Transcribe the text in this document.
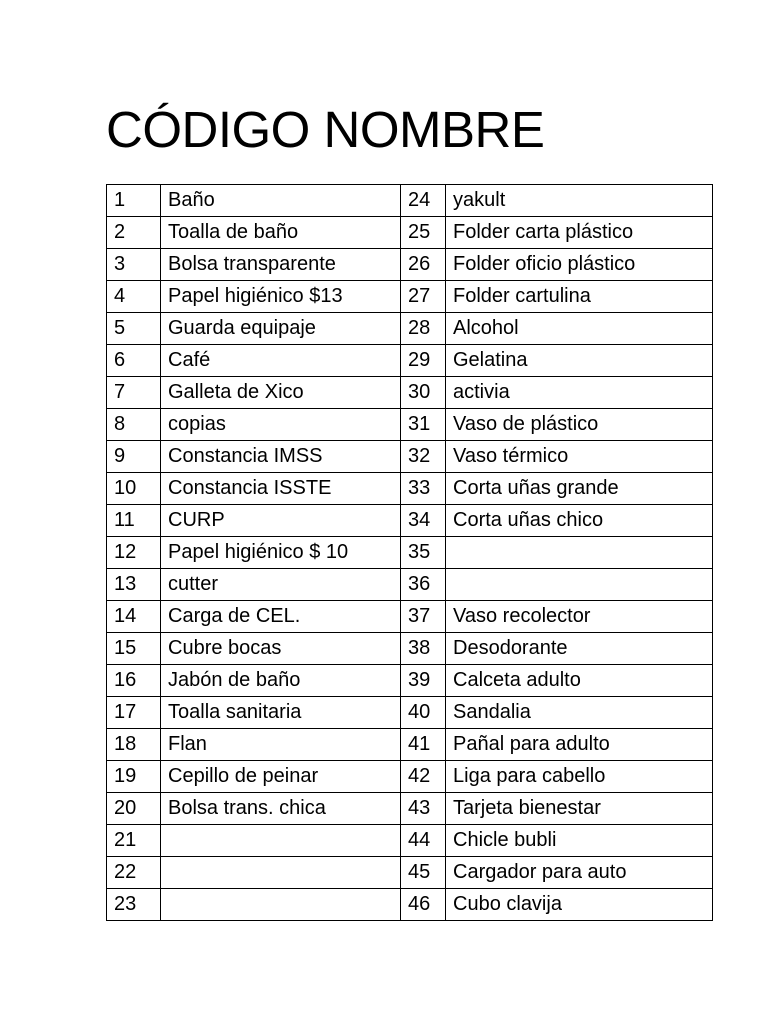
CÓDIGO NOMBRE
1	Baño	24	yakult
2	Toalla de baño	25	Folder carta plástico
3	Bolsa transparente	26	Folder oficio plástico
4	Papel higiénico $13	27	Folder cartulina
5	Guarda equipaje	28	Alcohol
6	Café	29	Gelatina
7	Galleta de Xico	30	activia
8	copias	31	Vaso de plástico
9	Constancia IMSS	32	Vaso térmico
10	Constancia ISSTE	33	Corta uñas grande
11	CURP	34	Corta uñas chico
12	Papel higiénico $ 10	35	
13	cutter	36	
14	Carga de CEL.	37	Vaso recolector
15	Cubre bocas	38	Desodorante
16	Jabón de baño	39	Calceta adulto
17	Toalla sanitaria	40	Sandalia
18	Flan	41	Pañal para adulto
19	Cepillo de peinar	42	Liga para cabello
20	Bolsa trans. chica	43	Tarjeta bienestar
21		44	Chicle bubli
22		45	Cargador para auto
23		46	Cubo clavija
